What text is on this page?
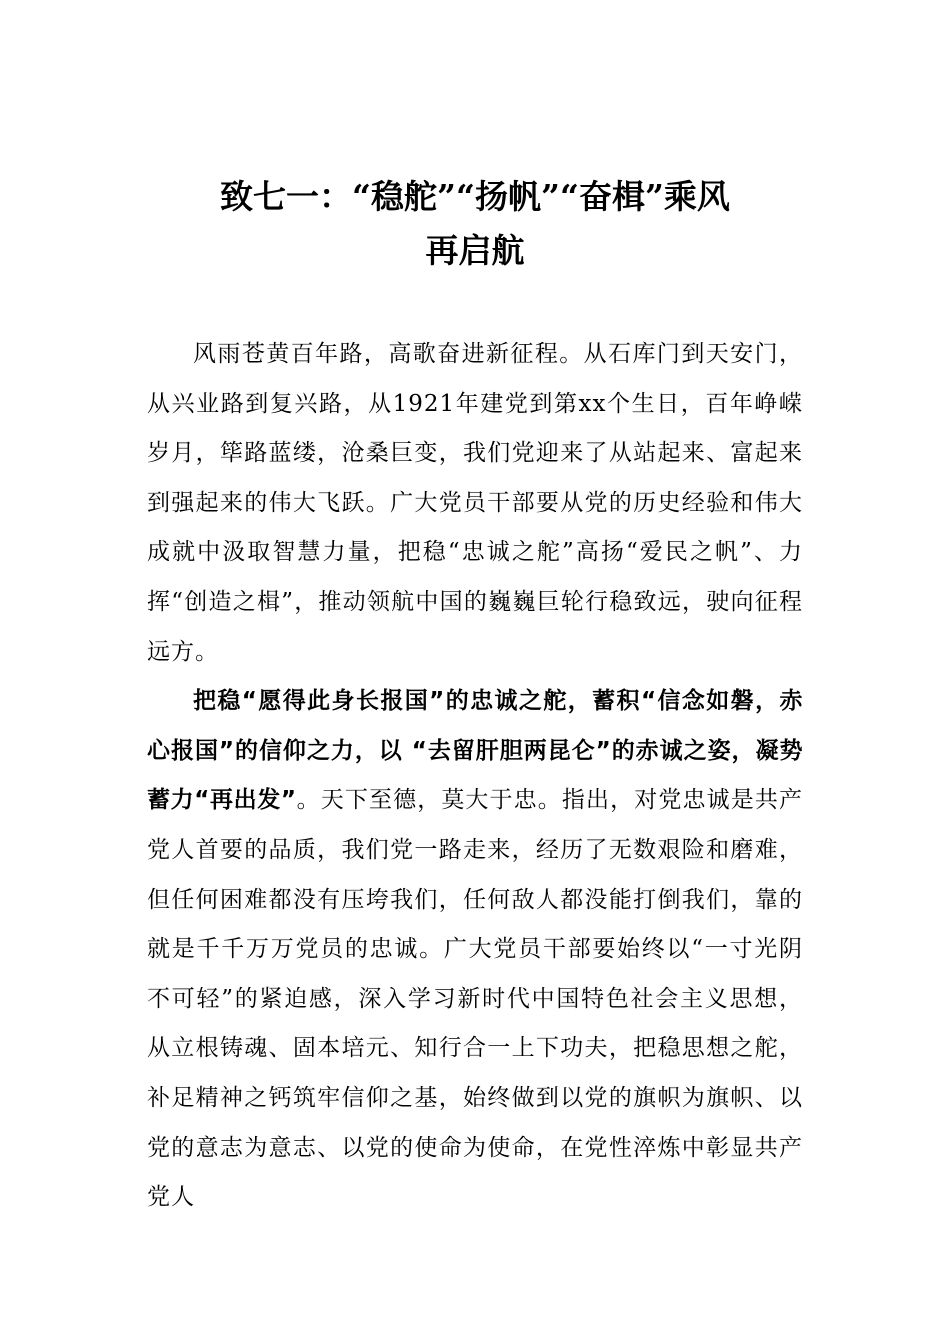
致七一：“稳舵”“扬帆”“奋楫”乘风
再启航

风雨苍黄百年路，高歌奋进新征程。从石库门到天安门，从兴业路到复兴路，从1921年建党到第xx个生日，百年峥嵘岁月，筚路蓝缕，沧桑巨变，我们党迎来了从站起来、富起来到强起来的伟大飞跃。广大党员干部要从党的历史经验和伟大成就中汲取智慧力量，把稳“忠诚之舵”高扬“爱民之帆”、力挥“创造之楫”，推动领航中国的巍巍巨轮行稳致远，驶向征程远方。

把稳“愿得此身长报国”的忠诚之舵，蓄积“信念如磐，赤心报国”的信仰之力，以 “去留肝胆两昆仑”的赤诚之姿，凝势蓄力“再出发”。天下至德，莫大于忠。指出，对党忠诚是共产党人首要的品质，我们党一路走来，经历了无数艰险和磨难，但任何困难都没有压垮我们，任何敌人都没能打倒我们，靠的就是千千万万党员的忠诚。广大党员干部要始终以“一寸光阴不可轻”的紧迫感，深入学习新时代中国特色社会主义思想，从立根铸魂、固本培元、知行合一上下功夫，把稳思想之舵，补足精神之钙筑牢信仰之基，始终做到以党的旗帜为旗帜、以党的意志为意志、以党的使命为使命，在党性淬炼中彰显共产党人
